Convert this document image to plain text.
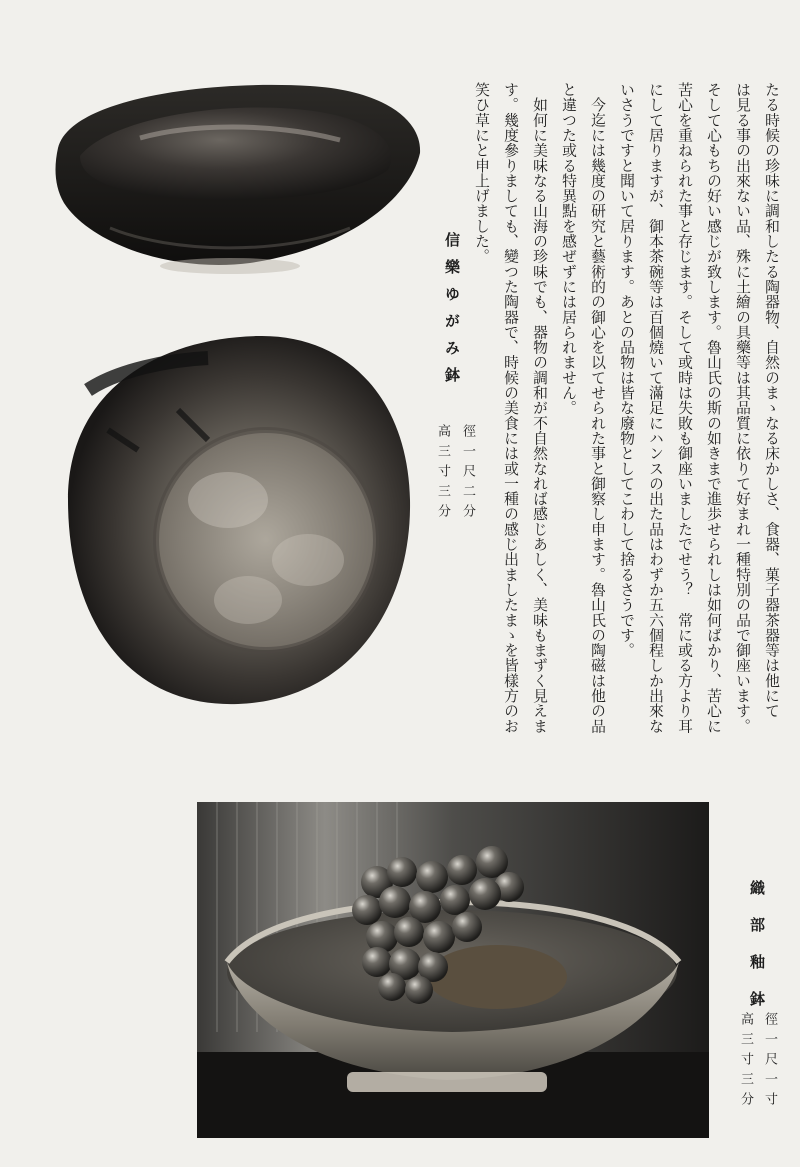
信樂ゆがみ鉢
徑一尺二分
高三寸三分	たる時候の珍味に調和したる陶器物、自然のまゝなる床かしさ、食器、菓子器茶器等は他にて
は見る事の出來ない品、殊に土繪の具藥等は其品質に依りて好まれ一種特別の品で御座います。
そして心もちの好い感じが致します。魯山氏の斯の如きまで進歩せられしは如何ばかり、苦心に
苦心を重ねられた事と存じます。そして或時は失敗も御座いましたでせう？　常に或る方より耳
にして居りますが、御本茶碗等は百個燒いて滿足にハンスの出た品はわずか五六個程しか出來な
いさうですと聞いて居ります。あとの品物は皆な廢物としてこわして捨るさうです。
　今迄には幾度の研究と藝術的の御心を以てせられた事と御察し申ます。魯山氏の陶磁は他の品
と違つた或る特異點を感ぜずには居られません。
　如何に美味なる山海の珍味でも、器物の調和が不自然なれば感じあしく、美味もまずく見えま
す。幾度參りましても、變つた陶器で、時候の美食には或一種の感じ出ましたまゝを皆樣方のお
笑ひ草にと申上げました。
織部釉鉢
徑一尺一寸
高三寸三分
